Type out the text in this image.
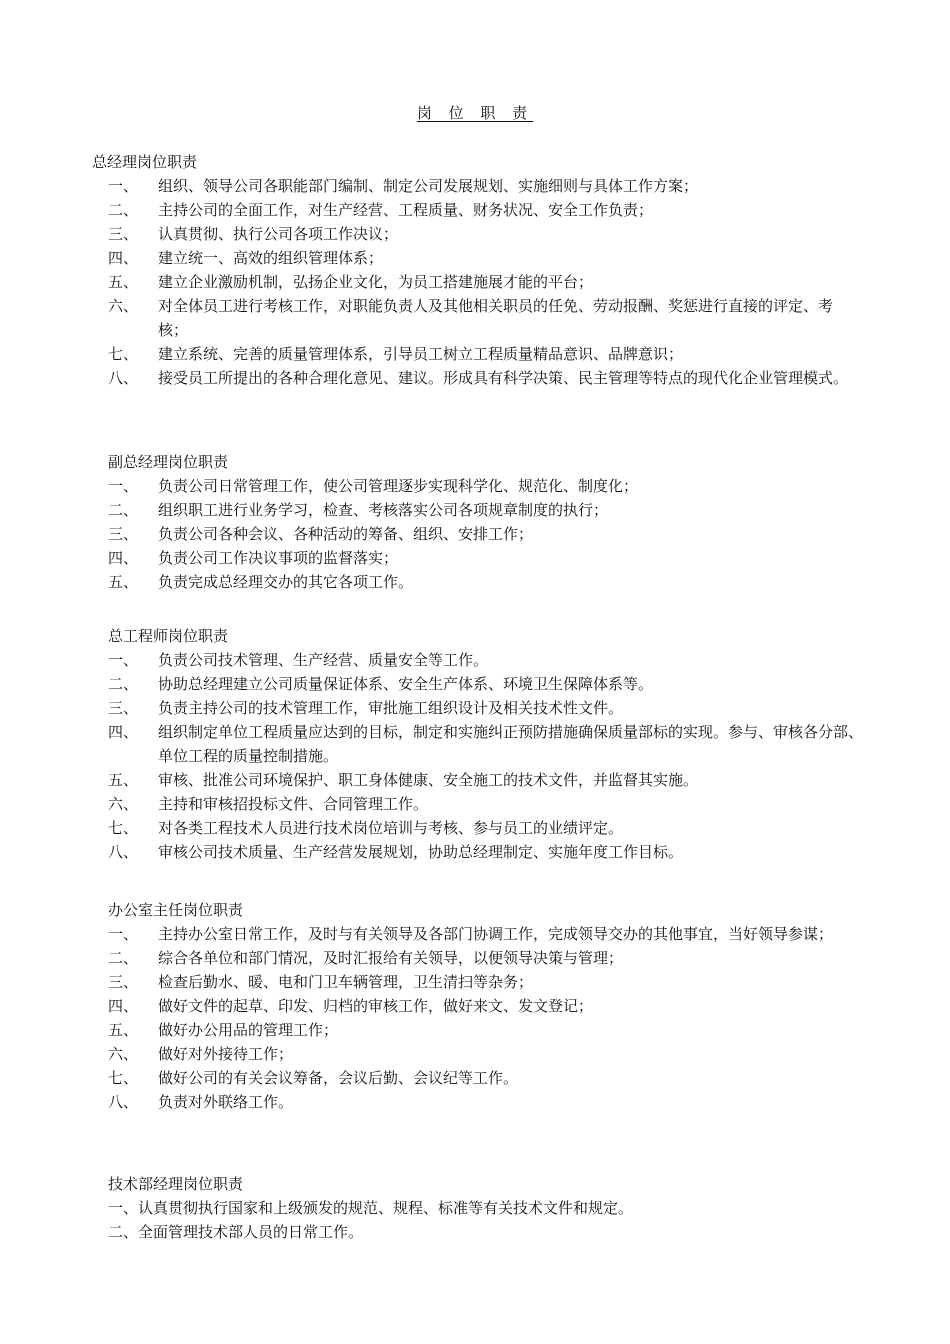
岗 位 职 责
总经理岗位职责
一、	组织、领导公司各职能部门编制、制定公司发展规划、实施细则与具体工作方案；
二、	主持公司的全面工作，对生产经营、工程质量、财务状况、安全工作负责；
三、	认真贯彻、执行公司各项工作决议；
四、	建立统一、高效的组织管理体系；
五、	建立企业激励机制，弘扬企业文化，为员工搭建施展才能的平台；
六、	对全体员工进行考核工作，对职能负责人及其他相关职员的任免、劳动报酬、奖惩进行直接的评定、考核；
七、	建立系统、完善的质量管理体系，引导员工树立工程质量精品意识、品牌意识；
八、 接受员工所提出的各种合理化意见、建议。形成具有科学决策、民主管理等特点的现代化企业管理模式。
副总经理岗位职责
一、	负责公司日常管理工作，使公司管理逐步实现科学化、规范化、制度化；
二、	组织职工进行业务学习，检查、考核落实公司各项规章制度的执行；
三、	负责公司各种会议、各种活动的筹备、组织、安排工作；
四、	负责公司工作决议事项的监督落实；
五、	负责完成总经理交办的其它各项工作。
总工程师岗位职责
一、	负责公司技术管理、生产经营、质量安全等工作。
二、	协助总经理建立公司质量保证体系、安全生产体系、环境卫生保障体系等。
三、	负责主持公司的技术管理工作，审批施工组织设计及相关技术性文件。
四、	组织制定单位工程质量应达到的目标，制定和实施纠正预防措施确保质量部标的实现。参与、审核各分部、单位工程的质量控制措施。
五、	审核、批准公司环境保护、职工身体健康、安全施工的技术文件，并监督其实施。
六、	主持和审核招投标文件、合同管理工作。
七、	对各类工程技术人员进行技术岗位培训与考核、参与员工的业绩评定。
八、	审核公司技术质量、生产经营发展规划，协助总经理制定、实施年度工作目标。
办公室主任岗位职责
一、	主持办公室日常工作，及时与有关领导及各部门协调工作，完成领导交办的其他事宜，当好领导参谋；
二、	综合各单位和部门情况，及时汇报给有关领导，以便领导决策与管理；
三、	检查后勤水、暖、电和门卫车辆管理，卫生清扫等杂务；
四、	做好文件的起草、印发、归档的审核工作，做好来文、发文登记；
五、	做好办公用品的管理工作；
六、	做好对外接待工作；
七、	做好公司的有关会议筹备，会议后勤、会议纪等工作。
八、	负责对外联络工作。
技术部经理岗位职责
一、 认真贯彻执行国家和上级颁发的规范、规程、标准等有关技术文件和规定。
二、 全面管理技术部人员的日常工作。
